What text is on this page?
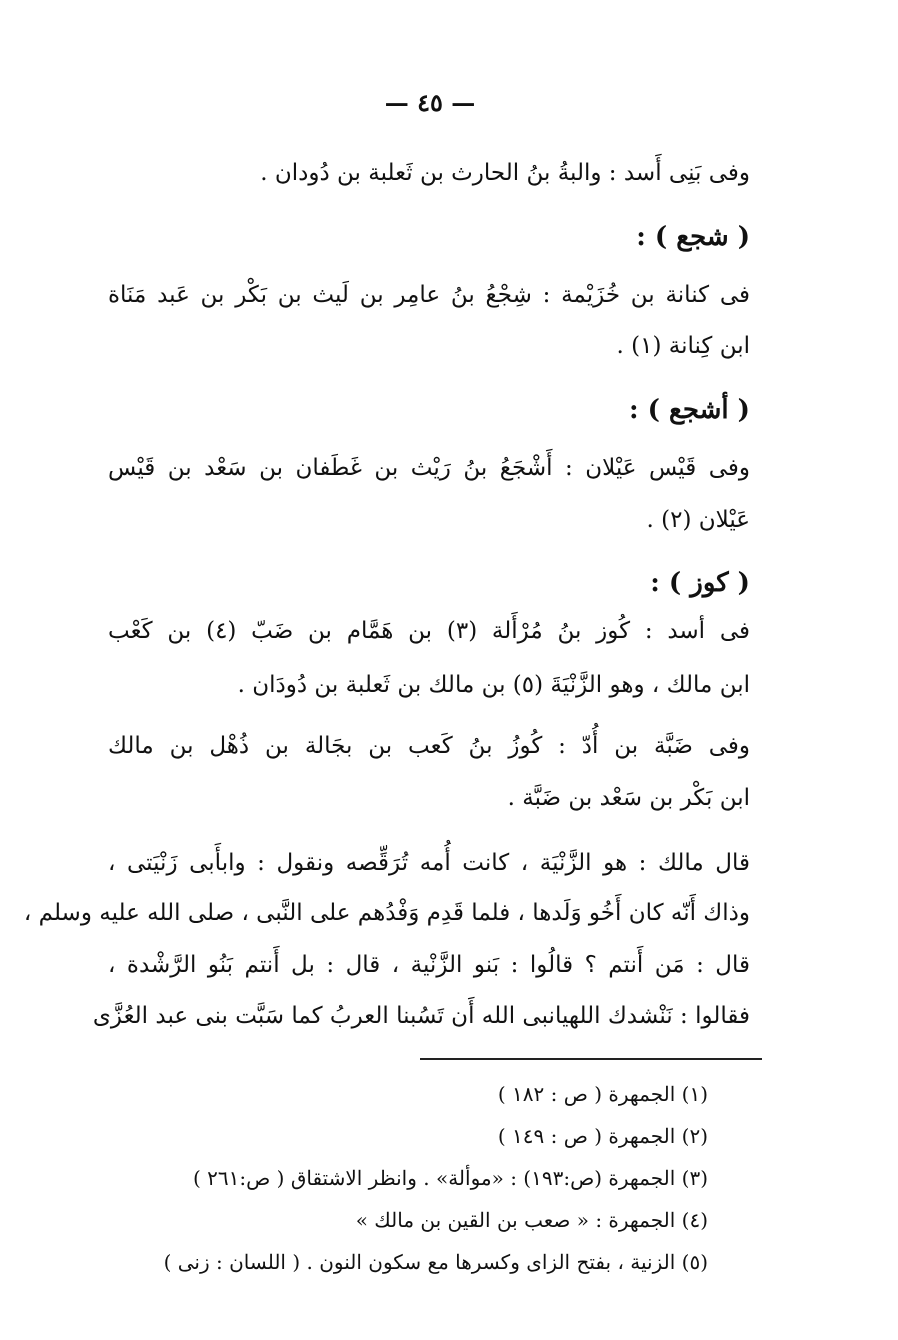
— ٤٥ —
وفى بَنِى أَسد : والبةُ بنُ الحارث بن ثَعلبة بن دُودان .
( شجع ) :
فى كنانة بن خُزَيْمة : شِجْعُ بنُ عامِر بن لَيث بن بَكْر بن عَبد مَنَاة
ابن كِنانة (١) .
( أشجع ) :
وفى قَيْس عَيْلان : أَشْجَعُ بنُ رَيْث بن غَطَفان بن سَعْد بن قَيْس
عَيْلان (٢) .
( كوز ) :
فى أسد : كُوز بنُ مُرْأَلة (٣) بن هَمَّام بن ضَبّ (٤) بن كَعْب
ابن مالك ، وهو الزَّنْيَةَ (٥) بن مالك بن ثَعلبة بن دُودَان .
وفى ضَبَّة بن أُدّ : كُوزُ بنُ كَعب بن بجَالة بن ذُهْل بن مالك
ابن بَكْر بن سَعْد بن ضَبَّة .
قال مالك : هو الزَّنْيَة ، كانت أُمه تُرَقِّصه ونقول : وابأَبى زَنْيَتى ،
وذاك أَنّه كان أَخُو وَلَدها ، فلما قَدِم وَفْدُهم على النَّبى ، صلى الله عليه وسلم ،
قال : مَن أَنتم ؟ قالُوا : بَنو الزَّنْية ، قال : بل أَنتم بَنُو الرَّشْدة ،
فقالوا : نَنْشدك اللهيانبى الله أَن تَسُبنا العربُ كما سَبَّت بنى عبد العُزَّى
(١) الجمهرة ( ص : ١٨٢ )
(٢) الجمهرة ( ص : ١٤٩ )
(٣) الجمهرة (ص:١٩٣) : «موألة» . وانظر الاشتقاق ( ص:٢٦١ )
(٤) الجمهرة : « صعب بن القين بن مالك »
(٥) الزنية ، بفتح الزاى وكسرها مع سكون النون . ( اللسان : زنى )
